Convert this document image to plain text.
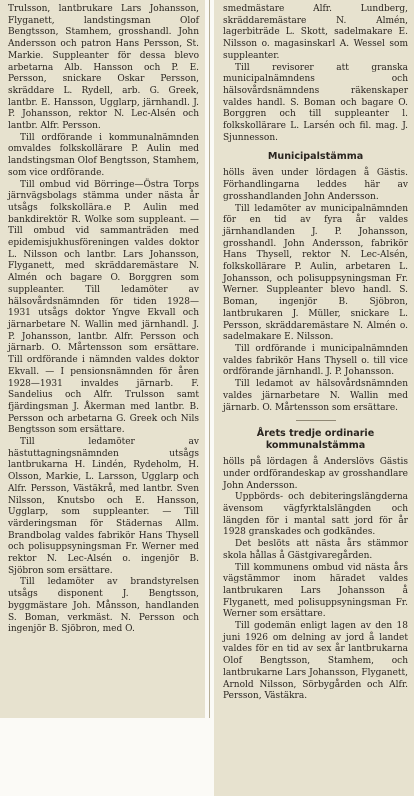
Trulsson, lantbrukare Lars Johansson, Flyganett, landstingsman Olof Bengtsson, Stamhem, grosshandl. John Andersson och patron Hans Persson, St. Markie. Suppleanter för dessa blevo arbetarna Alb. Hansson och P. E. Persson, snickare Oskar Persson, skräddare L. Rydell, arb. G. Greek, lantbr. E. Hansson, Ugglarp, järnhandl. J. P. Johansson, rektor N. Lec-Alsén och lantbr. Alfr. Persson.

Till ordförande i kommunalnämnden omvaldes folkskollärare P. Aulin med landstingsman Olof Bengtsson, Stamhem, som vice ordförande.

Till ombud vid Börringe—Östra Torps järnvägsbolags stämma under nästa år utsågs folkskollära.e P. Aulin med bankdirektör R. Wolke som suppleant. — Till ombud vid sammanträden med epidemisjukhusföreningen valdes doktor L. Nilsson och lantbr. Lars Johansson, Flyganett, med skräddaremästare N. Almén och bagare O. Borggren som suppleanter. Till ledamöter av hälsovårdsnämnden för tiden 1928—1931 utsågs doktor Yngve Ekvall och järnarbetare N. Wallin med järnhandl. J. P. Johansson, lantbr. Alfr. Persson och järnarb. O. Mårtensson som ersättare. Till ordförande i nämnden valdes doktor Ekvall. — I pensionsnämnden för åren 1928—1931 invaldes järnarb. F. Sandelius och Alfr. Trulsson samt fjärdingsman J. Åkerman med lantbr. B. Persson och arbetarna G. Greek och Nils Bengtsson som ersättare.

Till ledamöter av hästuttagningsnämnden utsågs lantbrukarna H. Lindén, Rydeholm, H. Olsson, Markie, L. Larsson, Ugglarp och Alfr. Persson, Västäkrå, med lantbr. Sven Nilsson, Knutsbo och E. Hansson, Ugglarp, som suppleanter. — Till värderingsman för Städernas Allm. Brandbolag valdes fabrikör Hans Thysell och polisuppsyningsman Fr. Werner med rektor N. Lec-Alsén o. ingenjör B. Sjöbron som ersättare.

Till ledamöter av brandstyrelsen utsågs disponent J. Bengtsson, byggmästare Joh. Månsson, handlanden S. Boman, verkmäst. N. Persson och ingenjör B. Sjöbron, med O.

smedmästare Alfr. Lundberg, skräddaremästare N. Almén, lagerbiträde L. Skott, sadelmakare E. Nilsson o. magasinskarl A. Wessel som suppleanter.

Till revisorer att granska municipalnämndens och hälsovårdsnämndens räkenskaper valdes handl. S. Boman och bagare O. Borggren och till suppleanter l. folkskollärare L. Larsén och fil. mag. J. Sjunnesson.

Municipalstämma

hölls även under lördagen å Gästis. Förhandlingarna leddes här av grosshandlanden John Andersson.

Till ledamöter av municipalnämnden för en tid av fyra år valdes järnhandlanden J. P. Johansson, grosshandl. John Andersson, fabrikör Hans Thysell, rektor N. Lec-Alsén, folkskollärare P. Aulin, arbetaren L. Johansson, och polisuppsyningsman Fr. Werner. Suppleanter blevo handl. S. Boman, ingenjör B. Sjöbron, lantbrukaren J. Müller, snickare L. Persson, skräddaremästare N. Almén o. sadelmakare E. Nilsson.

Till ordförande i municipalnämnden valdes fabrikör Hans Thysell o. till vice ordförande järnhandl. J. P. Johansson.

Till ledamot av hälsovårdsnämnden valdes järnarbetare N. Wallin med järnarb. O. Mårtensson som ersättare.

Årets tredje ordinarie kommunalstämma

hölls på lördagen å Anderslövs Gästis under ordförandeskap av grosshandlare John Andersson.

Uppbörds- och debiteringslängderna ävensom vägfyrktalslängden och längden för i mantal satt jord för år 1928 granskades och godkändes.

Det beslöts att nästa års stämmor skola hållas å Gästgivaregården.

Till kommunens ombud vid nästa års vägstämmor inom häradet valdes lantbrukaren Lars Johansson å Flyganett, med polisuppsyningsman Fr. Werner som ersättare.

Till godemän enligt lagen av den 18 juni 1926 om delning av jord å landet valdes för en tid av sex år lantbrukarna Olof Bengtsson, Stamhem, och lantbrukarne Lars Johansson, Flyganett, Arnold Nilsson, Sörbygården och Alfr. Persson, Västäkra.
